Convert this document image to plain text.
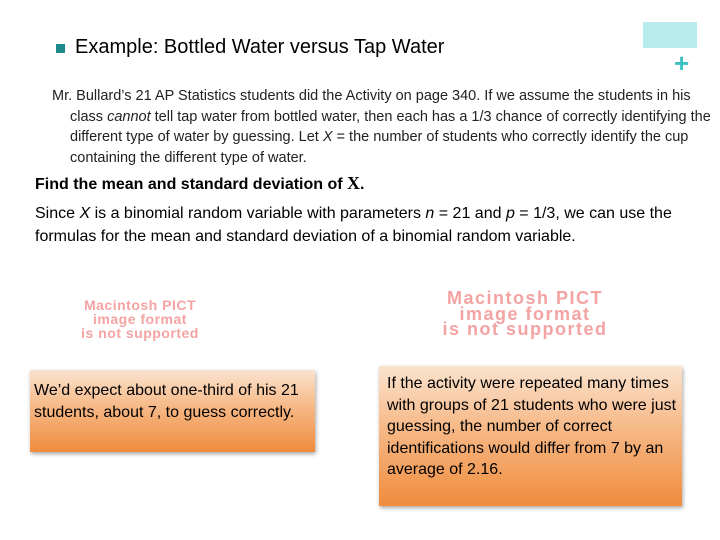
Example: Bottled Water versus Tap Water
+

Mr. Bullard’s 21 AP Statistics students did the Activity on page 340. If we assume the students in his class cannot tell tap water from bottled water, then each has a 1/3 chance of correctly identifying the different type of water by guessing. Let X = the number of students who correctly identify the cup containing the different type of water.

Find the mean and standard deviation of X.

Since X is a binomial random variable with parameters n = 21 and p = 1/3, we can use the formulas for the mean and standard deviation of a binomial random variable.

Macintosh PICT
image format
is not supported
Macintosh PICT
image format
is not supported
We’d expect about one-third of his 21 students, about 7, to guess correctly.
If the activity were repeated many times with groups of 21 students who were just guessing, the number of correct identifications would differ from 7 by an average of 2.16.
